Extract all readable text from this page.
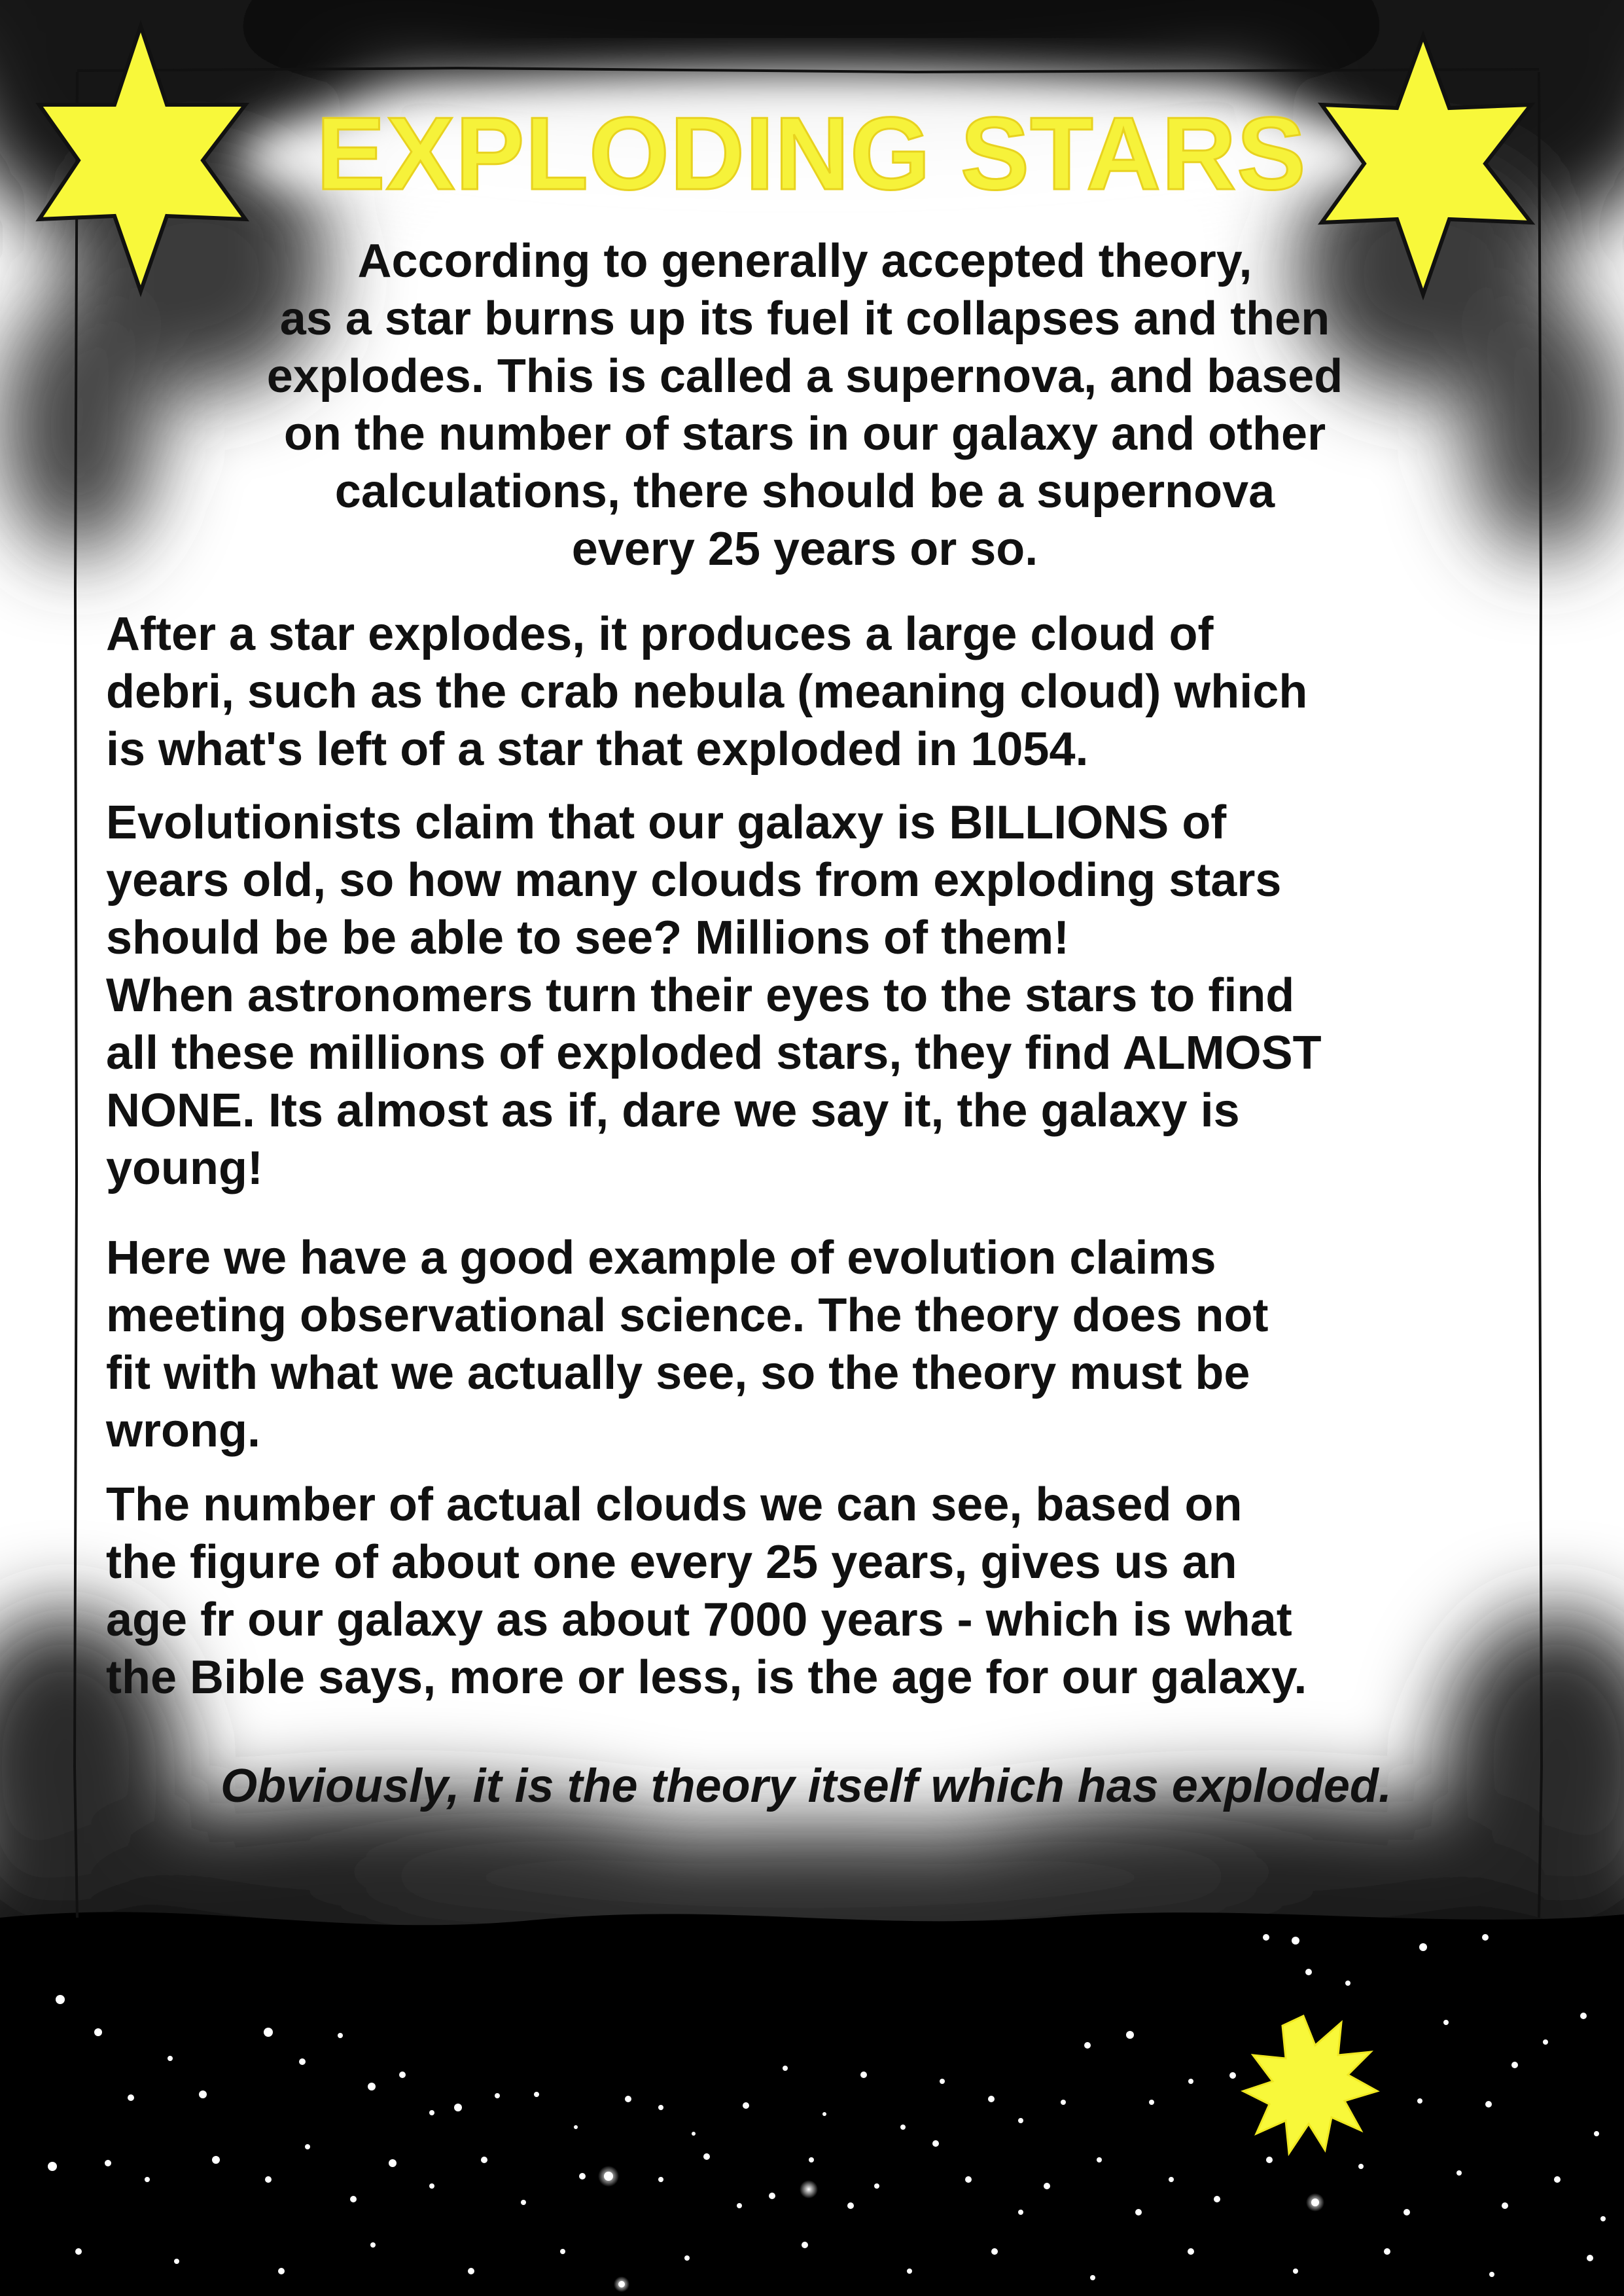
EXPLODING STARS
According to generally accepted theory,
as a star burns up its fuel it collapses and then
explodes. This is called a supernova, and based
on the number of stars in our galaxy and other
calculations, there should be a supernova
every 25 years or so.
After a star explodes, it produces a large cloud of
debri, such as the crab nebula (meaning cloud) which
is what's left of a star that exploded in 1054.
Evolutionists claim that our galaxy is BILLIONS of
years old, so how many clouds from exploding stars
should be be able to see? Millions of them!
When astronomers turn their eyes to the stars to find
all these millions of exploded stars, they find ALMOST
NONE. Its almost as if, dare we say it, the galaxy is
young!
Here we have a good example of evolution claims
meeting observational science. The theory does not
fit with what we actually see, so the theory must be
wrong.
The number of actual clouds we can see, based on
the figure of about one every 25 years, gives us an
age fr our galaxy as about 7000 years - which is what
the Bible says, more or less, is the age for our galaxy.
Obviously, it is the theory itself which has exploded.
